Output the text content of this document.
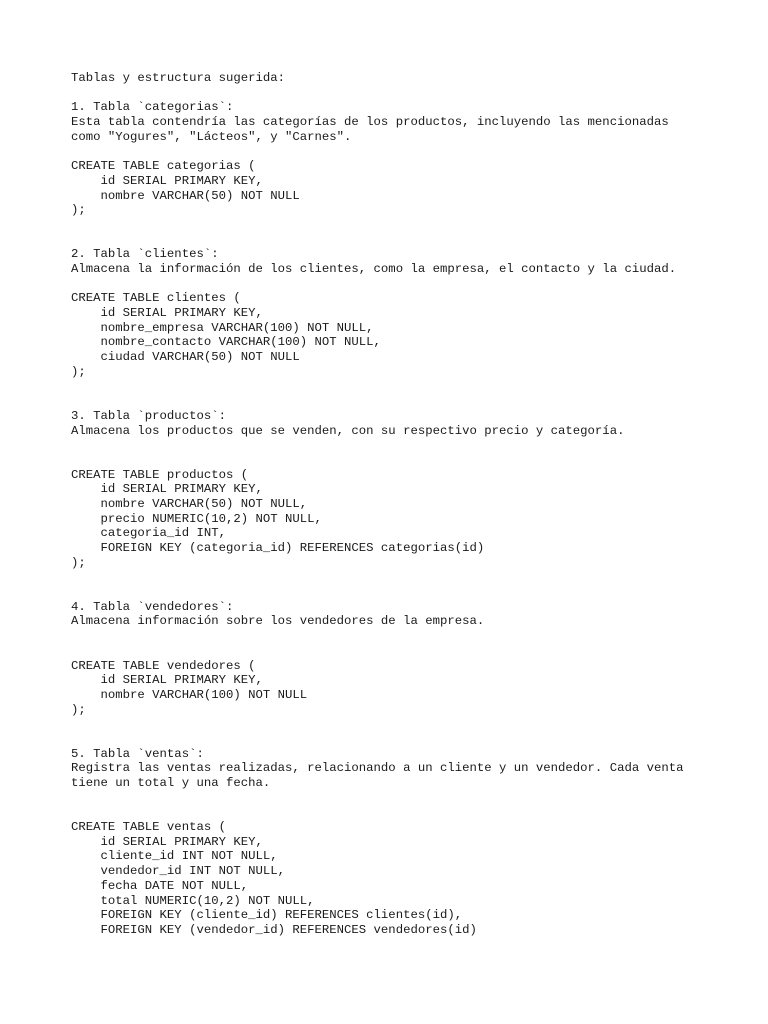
Tablas y estructura sugerida:
1. Tabla `categorias`:
Esta tabla contendría las categorías de los productos, incluyendo las mencionadas
como "Yogures", "Lácteos", y "Carnes".
CREATE TABLE categorias (
id SERIAL PRIMARY KEY,
nombre VARCHAR(50) NOT NULL
);
2. Tabla `clientes`:
Almacena la información de los clientes, como la empresa, el contacto y la ciudad.
CREATE TABLE clientes (
id SERIAL PRIMARY KEY,
nombre_empresa VARCHAR(100) NOT NULL,
nombre_contacto VARCHAR(100) NOT NULL,
ciudad VARCHAR(50) NOT NULL
);
3. Tabla `productos`:
Almacena los productos que se venden, con su respectivo precio y categoría.
CREATE TABLE productos (
id SERIAL PRIMARY KEY,
nombre VARCHAR(50) NOT NULL,
precio NUMERIC(10,2) NOT NULL,
categoria_id INT,
FOREIGN KEY (categoria_id) REFERENCES categorias(id)
);
4. Tabla `vendedores`:
Almacena información sobre los vendedores de la empresa.
CREATE TABLE vendedores (
id SERIAL PRIMARY KEY,
nombre VARCHAR(100) NOT NULL
);
5. Tabla `ventas`:
Registra las ventas realizadas, relacionando a un cliente y un vendedor. Cada venta
tiene un total y una fecha.
CREATE TABLE ventas (
id SERIAL PRIMARY KEY,
cliente_id INT NOT NULL,
vendedor_id INT NOT NULL,
fecha DATE NOT NULL,
total NUMERIC(10,2) NOT NULL,
FOREIGN KEY (cliente_id) REFERENCES clientes(id),
FOREIGN KEY (vendedor_id) REFERENCES vendedores(id)
